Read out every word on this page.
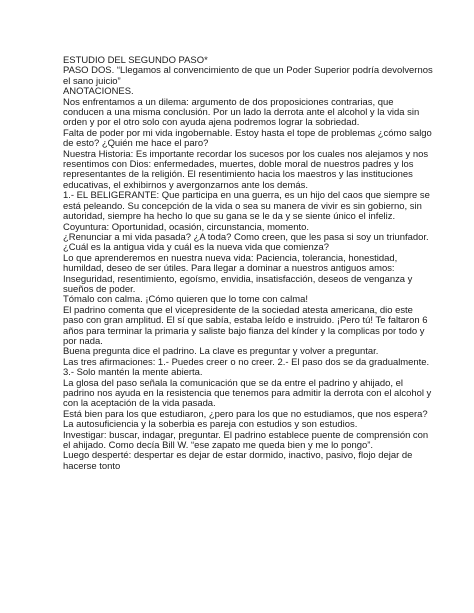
ESTUDIO DEL SEGUNDO PASO*

PASO DOS. “Llegamos al convencimiento de que un Poder Superior podría devolvernos el sano juicio”

ANOTACIONES.

Nos enfrentamos a un dilema: argumento de dos proposiciones contrarias, que conducen a una misma conclusión. Por un lado la derrota ante el alcohol y la vida sin orden y por el otro solo con ayuda ajena podremos lograr la sobriedad.

Falta de poder por mi vida ingobernable. Estoy hasta el tope de problemas ¿cómo salgo de esto? ¿Quién me hace el paro?

Nuestra Historia: Es importante recordar los sucesos por los cuales nos alejamos y nos resentimos con Dios: enfermedades, muertes, doble moral de nuestros padres y los representantes de la religión. El resentimiento hacia los maestros y las instituciones educativas, el exhibirnos y avergonzarnos ante los demás.

1.- EL BELIGERANTE: Que participa en una guerra, es un hijo del caos que siempre se está peleando. Su concepción de la vida o sea su manera de vivir es sin gobierno, sin autoridad, siempre ha hecho lo que su gana se le da y se siente único el infeliz.

Coyuntura: Oportunidad, ocasión, circunstancia, momento.

¿Renunciar a mi vida pasada? ¿A toda? Como creen, que les pasa si soy un triunfador.

¿Cuál es la antigua vida y cuál es la nueva vida que comienza?

Lo que aprenderemos en nuestra nueva vida: Paciencia, tolerancia, honestidad, humildad, deseo de ser útiles. Para llegar a dominar a nuestros antiguos amos: Inseguridad, resentimiento, egoísmo, envidia, insatisfacción, deseos de venganza y sueños de poder.

Tómalo con calma. ¡Cómo quieren que lo tome con calma!

El padrino comenta que el vicepresidente de la sociedad atesta americana, dio este paso con gran amplitud. El sí que sabía, estaba leído e instruido. ¡Pero tú! Te faltaron 6 años para terminar la primaria y saliste bajo fianza del kínder y la complicas por todo y por nada.

Buena pregunta dice el padrino. La clave es preguntar y volver a preguntar.

Las tres afirmaciones: 1.- Puedes creer o no creer. 2.- El paso dos se da gradualmente. 3.- Solo mantén la mente abierta.

La glosa del paso señala la comunicación que se da entre el padrino y ahijado, el padrino nos ayuda en la resistencia que tenemos para admitir la derrota con el alcohol y con la aceptación de la vida pasada.

Está bien para los que estudiaron, ¿pero para los que no estudiamos, que nos espera?

La autosuficiencia y la soberbia es pareja con estudios y son estudios.

Investigar: buscar, indagar, preguntar. El padrino establece puente de comprensión con el ahijado. Como decía Bill W. “ese zapato me queda bien y me lo pongo”.

Luego desperté: despertar es dejar de estar dormido, inactivo, pasivo, flojo dejar de hacerse tonto
